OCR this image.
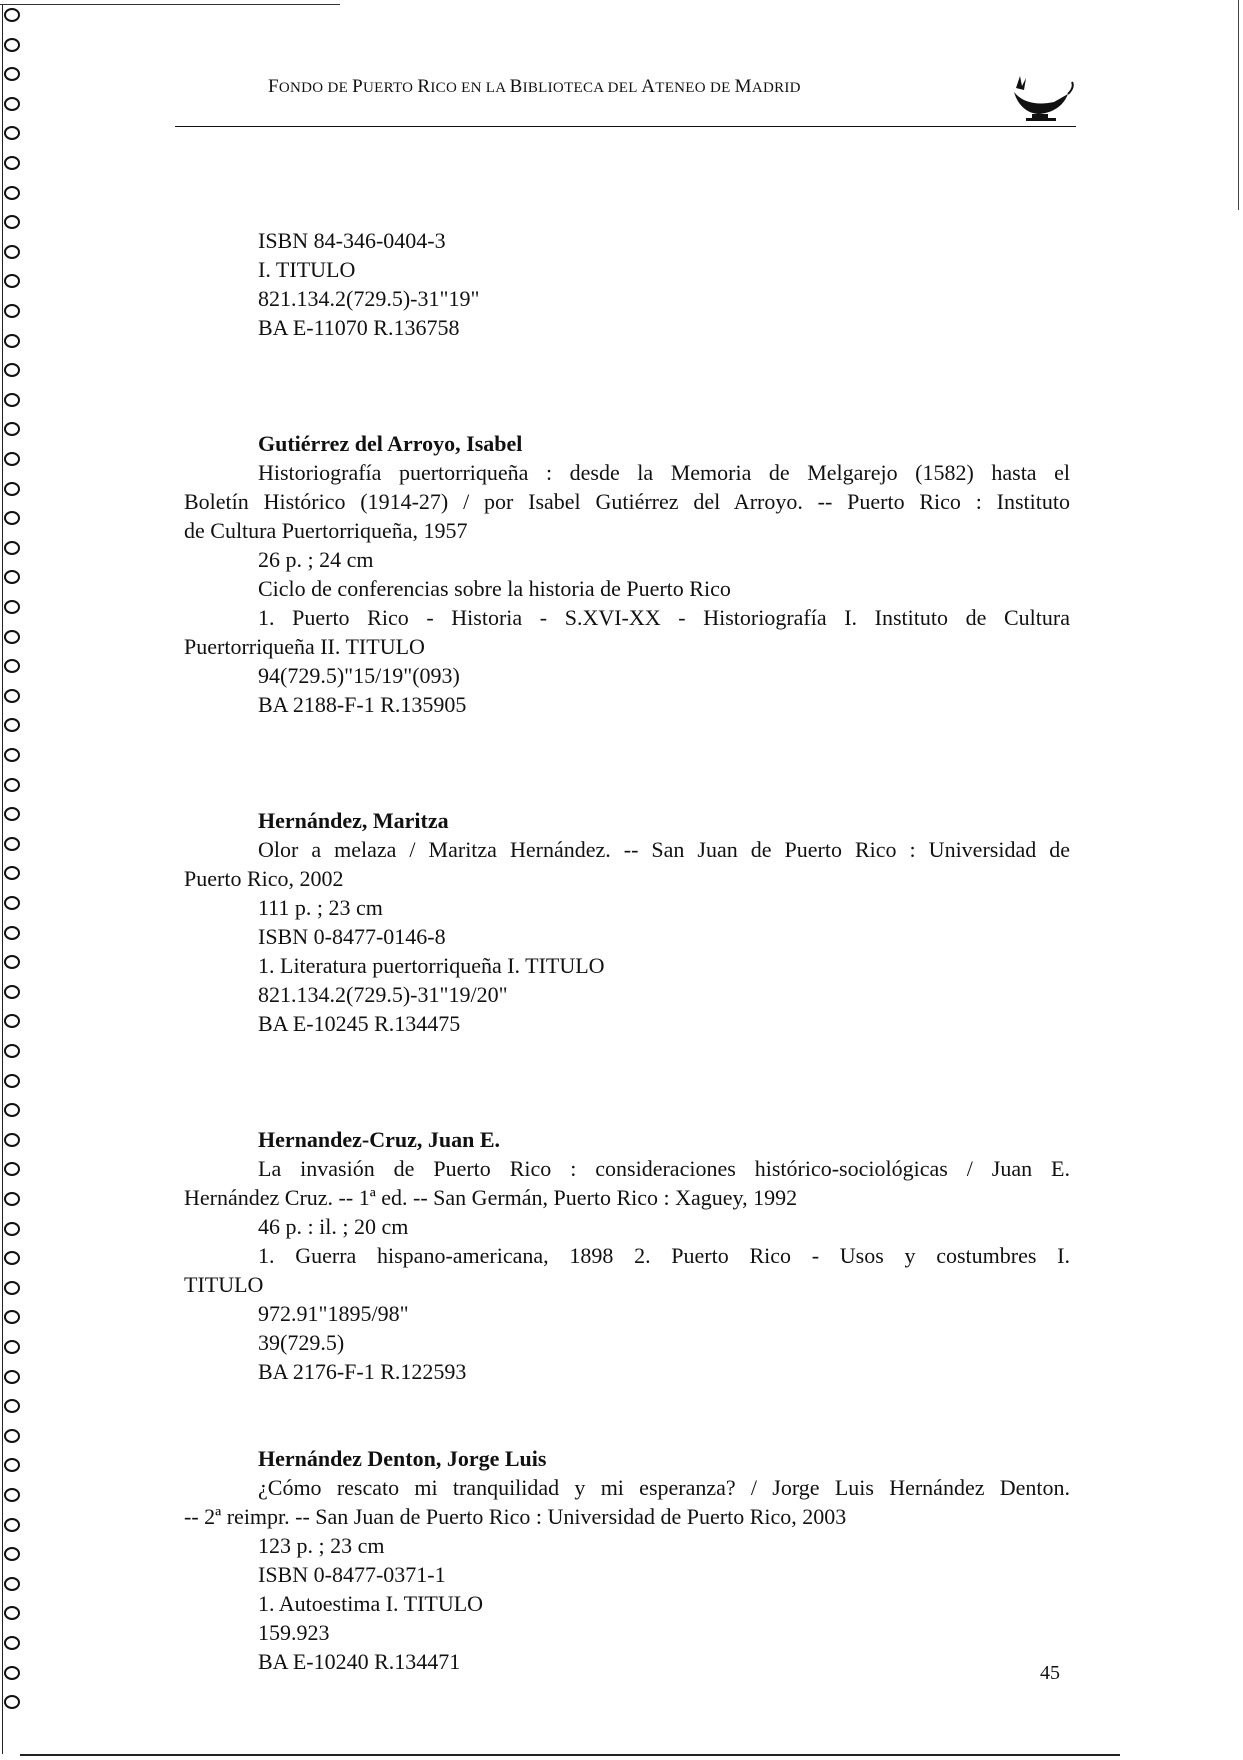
FONDO DE PUERTO RICO EN LA BIBLIOTECA DEL ATENEO DE MADRID

ISBN 84-346-0404-3

I. TITULO

821.134.2(729.5)-31"19"

BA E-11070 R.136758

Gutiérrez del Arroyo, Isabel

Historiografía puertorriqueña : desde la Memoria de Melgarejo (1582) hasta el

Boletín Histórico (1914-27) / por Isabel Gutiérrez del Arroyo. -- Puerto Rico : Instituto

de Cultura Puertorriqueña, 1957

26 p. ; 24 cm

Ciclo de conferencias sobre la historia de Puerto Rico

1. Puerto Rico - Historia - S.XVI-XX - Historiografía I. Instituto de Cultura

Puertorriqueña II. TITULO

94(729.5)"15/19"(093)

BA 2188-F-1 R.135905

Hernández, Maritza

Olor a melaza / Maritza Hernández. -- San Juan de Puerto Rico : Universidad de

Puerto Rico, 2002

111 p. ; 23 cm

ISBN 0-8477-0146-8

1. Literatura puertorriqueña I. TITULO

821.134.2(729.5)-31"19/20"

BA E-10245 R.134475

Hernandez-Cruz, Juan E.

La invasión de Puerto Rico : consideraciones histórico-sociológicas / Juan E.

Hernández Cruz. -- 1ª ed. -- San Germán, Puerto Rico : Xaguey, 1992

46 p. : il. ; 20 cm

1. Guerra hispano-americana, 1898 2. Puerto Rico - Usos y costumbres I.

TITULO

972.91"1895/98"

39(729.5)

BA 2176-F-1 R.122593

Hernández Denton, Jorge Luis

¿Cómo rescato mi tranquilidad y mi esperanza? / Jorge Luis Hernández Denton.

-- 2ª reimpr. -- San Juan de Puerto Rico : Universidad de Puerto Rico, 2003

123 p. ; 23 cm

ISBN 0-8477-0371-1

1. Autoestima I. TITULO

159.923

BA E-10240 R.134471	45
